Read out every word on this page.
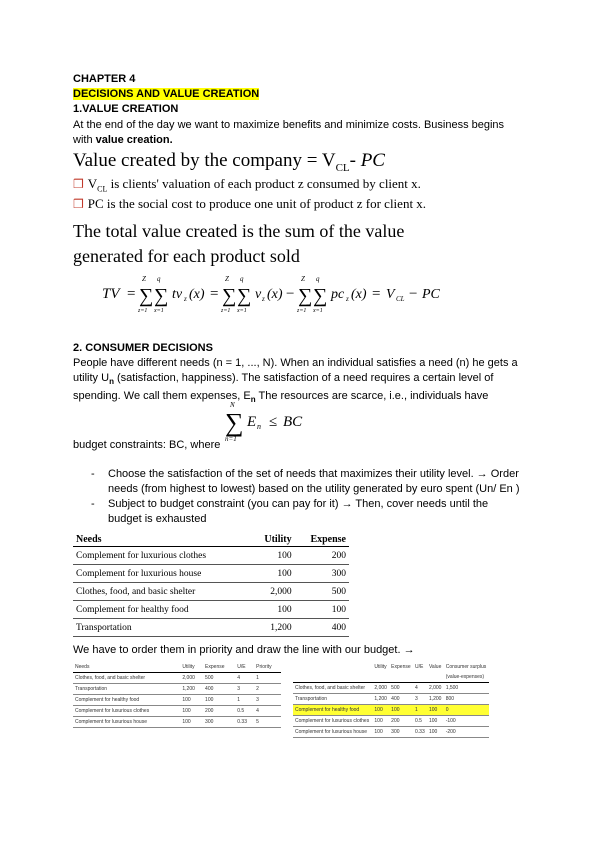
CHAPTER 4
DECISIONS AND VALUE CREATION
1.VALUE CREATION
At the end of the day we want to maximize benefits and minimize costs. Business begins
with value creation.
Value created by the company = $V_{CL}-$ PC
❒ $V_{CL}$ is clients' valuation of each product z consumed by client x.
❒ PC is the social cost to produce one unit of product z for client x.
The total value created is the sum of the value
generated for each product sold
TV = ∑
Z
z=1
∑
q
x=1
tv z (x) = ∑
Z
z=1
∑
q
x=1
v z (x) − ∑
Z
z=1
∑
q
x=1
pc z (x) = V CL − PC
2. CONSUMER DECISIONS
People have different needs (n = 1, ..., N). When an individual satisfies a need (n) he gets a
utility $U_n$ (satisfaction, happiness). The satisfaction of a need requires a certain level of
spending. We call them expenses, $E_n$ The resources are scarce, i.e., individuals have
N
∑
n=1
E n ≤ BC
budget constraints: BC, where
- Choose the satisfaction of the set of needs that maximizes their utility level. → Order
needs (from highest to lowest) based on the utility generated by euro spent (Un/ En )
- Subject to budget constraint (you can pay for it) → Then, cover needs until the
budget is exhausted
Needs	Utility	Expense
Complement for luxurious clothes	100	200
Complement for luxurious house	100	300
Clothes, food, and basic shelter	2,000	500
Complement for healthy food	100	100
Transportation	1,200	400
We have to order them in priority and draw the line with our budget. →
Needs	Utility	Expense	U/E	Priority
Clothes, food, and basic shelter	2,000	500	4	1
Transportation	1,200	400	3	2
Complement for healthy food	100	100	1	3
Complement for luxurious clothes	100	200	0.5	4
Complement for luxurious house	100	300	0.33	5
	Utility	Expense	U/E	Value	Consumer surplus
					(value-expenses)
Clothes, food, and basic shelter	2,000	500	4	2,000	1,500
Transportation	1,200	400	3	1,200	800
Complement for healthy food	100	100	1	100	0
Complement for luxurious clothes	100	200	0.5	100	-100
Complement for luxurious house	100	300	0.33	100	-200
